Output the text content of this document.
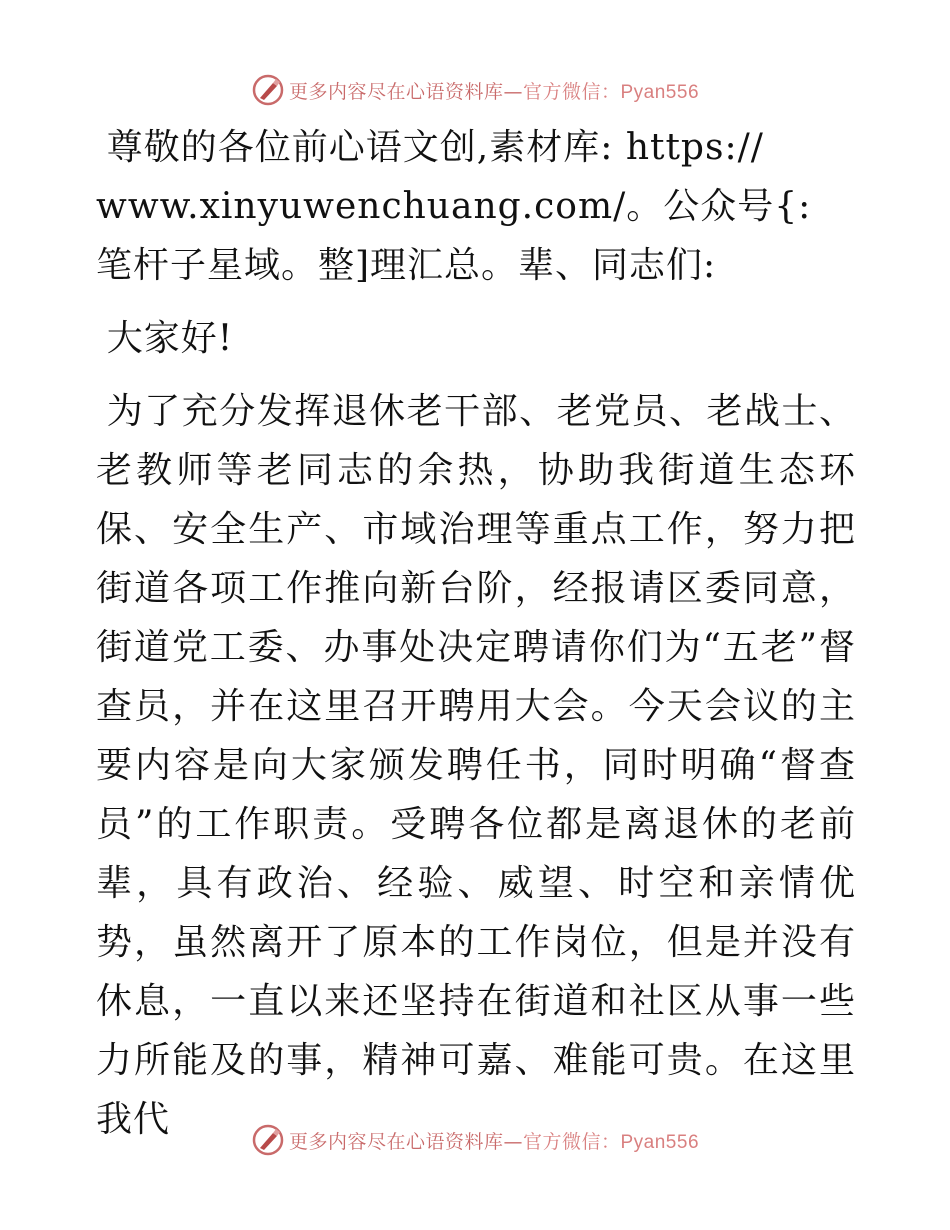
更多内容尽在心语资料库—官方微信：Pyan556

尊敬的各位前心语文创,素材库: https:// www.xinyuwenchuang.com/。公众号{: 笔杆子星域。整]理汇总。辈、同志们:

大家好!

为了充分发挥退休老干部、老党员、老战士、老教师等老同志的余热，协助我街道生态环保、安全生产、市域治理等重点工作，努力把街道各项工作推向新台阶，经报请区委同意，街道党工委、办事处决定聘请你们为“五老”督查员，并在这里召开聘用大会。今天会议的主要内容是向大家颁发聘任书，同时明确“督查员”的工作职责。受聘各位都是离退休的老前辈，具有政治、经验、威望、时空和亲情优势，虽然离开了原本的工作岗位，但是并没有休息，一直以来还坚持在街道和社区从事一些力所能及的事，精神可嘉、难能可贵。在这里我代

更多内容尽在心语资料库—官方微信：Pyan556
